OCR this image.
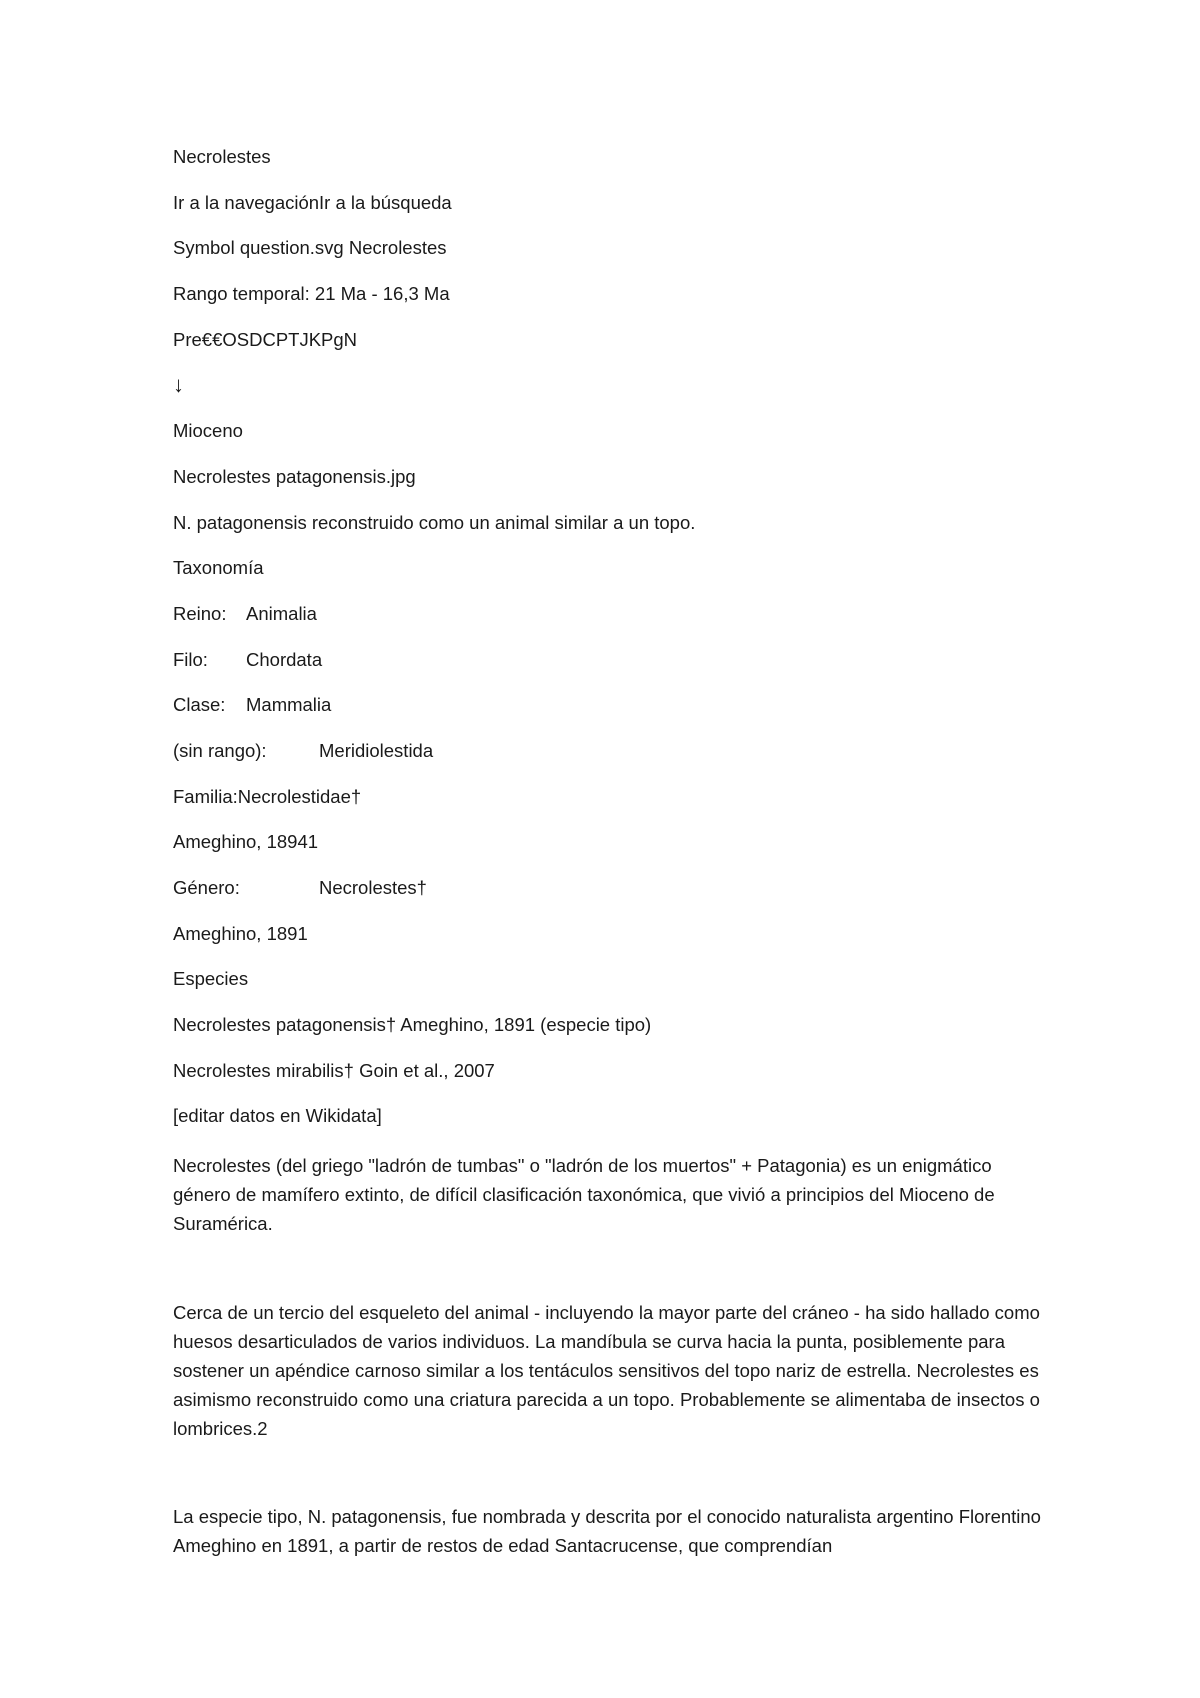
Necrolestes
Ir a la navegaciónIr a la búsqueda
Symbol question.svg Necrolestes
Rango temporal: 21 Ma - 16,3 Ma
Pre€€OSDCPTJKPgN
↓
Mioceno
Necrolestes patagonensis.jpg
N. patagonensis reconstruido como un animal similar a un topo.
Taxonomía
Reino: Animalia
Filo: Chordata
Clase: Mammalia
(sin rango):	Meridiolestida
Familia:Necrolestidae†
Ameghino, 18941
Género:	Necrolestes†
Ameghino, 1891
Especies
Necrolestes patagonensis† Ameghino, 1891 (especie tipo)
Necrolestes mirabilis† Goin et al., 2007
[editar datos en Wikidata]

Necrolestes (del griego "ladrón de tumbas" o "ladrón de los muertos" + Patagonia) es un enigmático género de mamífero extinto, de difícil clasificación taxonómica, que vivió a principios del Mioceno de Suramérica.

Cerca de un tercio del esqueleto del animal - incluyendo la mayor parte del cráneo - ha sido hallado como huesos desarticulados de varios individuos. La mandíbula se curva hacia la punta, posiblemente para sostener un apéndice carnoso similar a los tentáculos sensitivos del topo nariz de estrella. Necrolestes es asimismo reconstruido como una criatura parecida a un topo. Probablemente se alimentaba de insectos o lombrices.2

La especie tipo, N. patagonensis, fue nombrada y descrita por el conocido naturalista argentino Florentino Ameghino en 1891, a partir de restos de edad Santacrucense, que comprendían
